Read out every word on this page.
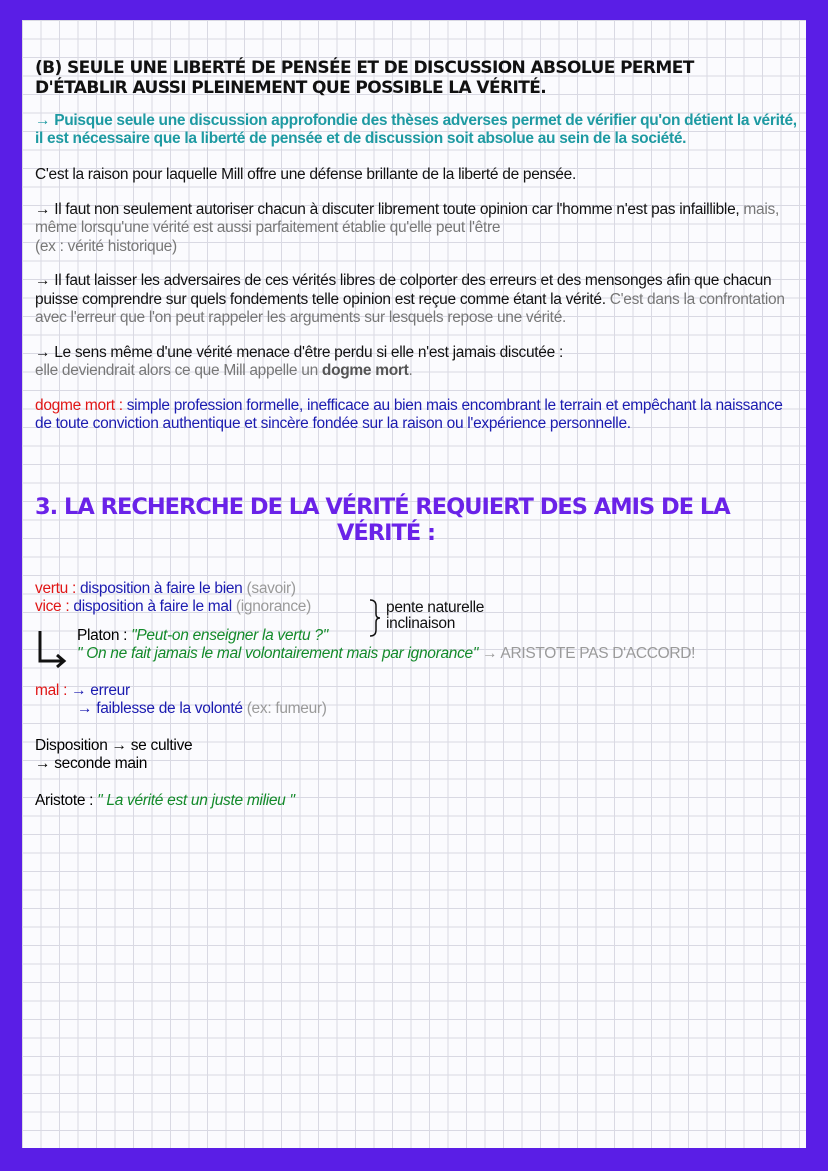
(B) SEULE UNE LIBERTÉ DE PENSÉE ET DE DISCUSSION ABSOLUE PERMET
D'ÉTABLIR AUSSI PLEINEMENT QUE POSSIBLE LA VÉRITÉ.

→ Puisque seule une discussion approfondie des thèses adverses permet de vérifier qu'on détient la vérité, il est nécessaire que la liberté de pensée et de discussion soit absolue au sein de la société.

C'est la raison pour laquelle Mill offre une défense brillante de la liberté de pensée.

→ Il faut non seulement autoriser chacun à discuter librement toute opinion car l'homme n'est pas infaillible, mais, même lorsqu'une vérité est aussi parfaitement établie qu'elle peut l'être
(ex : vérité historique)

→ Il faut laisser les adversaires de ces vérités libres de colporter des erreurs et des mensonges afin que chacun puisse comprendre sur quels fondements telle opinion est reçue comme étant la vérité. C'est dans la confrontation avec l'erreur que l'on peut rappeler les arguments sur lesquels repose une vérité.

→ Le sens même d'une vérité menace d'être perdu si elle n'est jamais discutée :
elle deviendrait alors ce que Mill appelle un dogme mort.

dogme mort : simple profession formelle, inefficace au bien mais encombrant le terrain et empêchant la naissance de toute conviction authentique et sincère fondée sur la raison ou l'expérience personnelle.

3. LA RECHERCHE DE LA VÉRITÉ REQUIERT DES AMIS DE LA
VÉRITÉ :
vertu : disposition à faire le bien (savoir)
vice : disposition à faire le mal (ignorance)	pente naturelle
inclinaison
Platon : "Peut-on enseigner la vertu ?"
" On ne fait jamais le mal volontairement mais par ignorance" → ARISTOTE PAS D'ACCORD!
mal : → erreur
→ faiblesse de la volonté (ex: fumeur)
Disposition → se cultive
→ seconde main
Aristote : " La vérité est un juste milieu "
